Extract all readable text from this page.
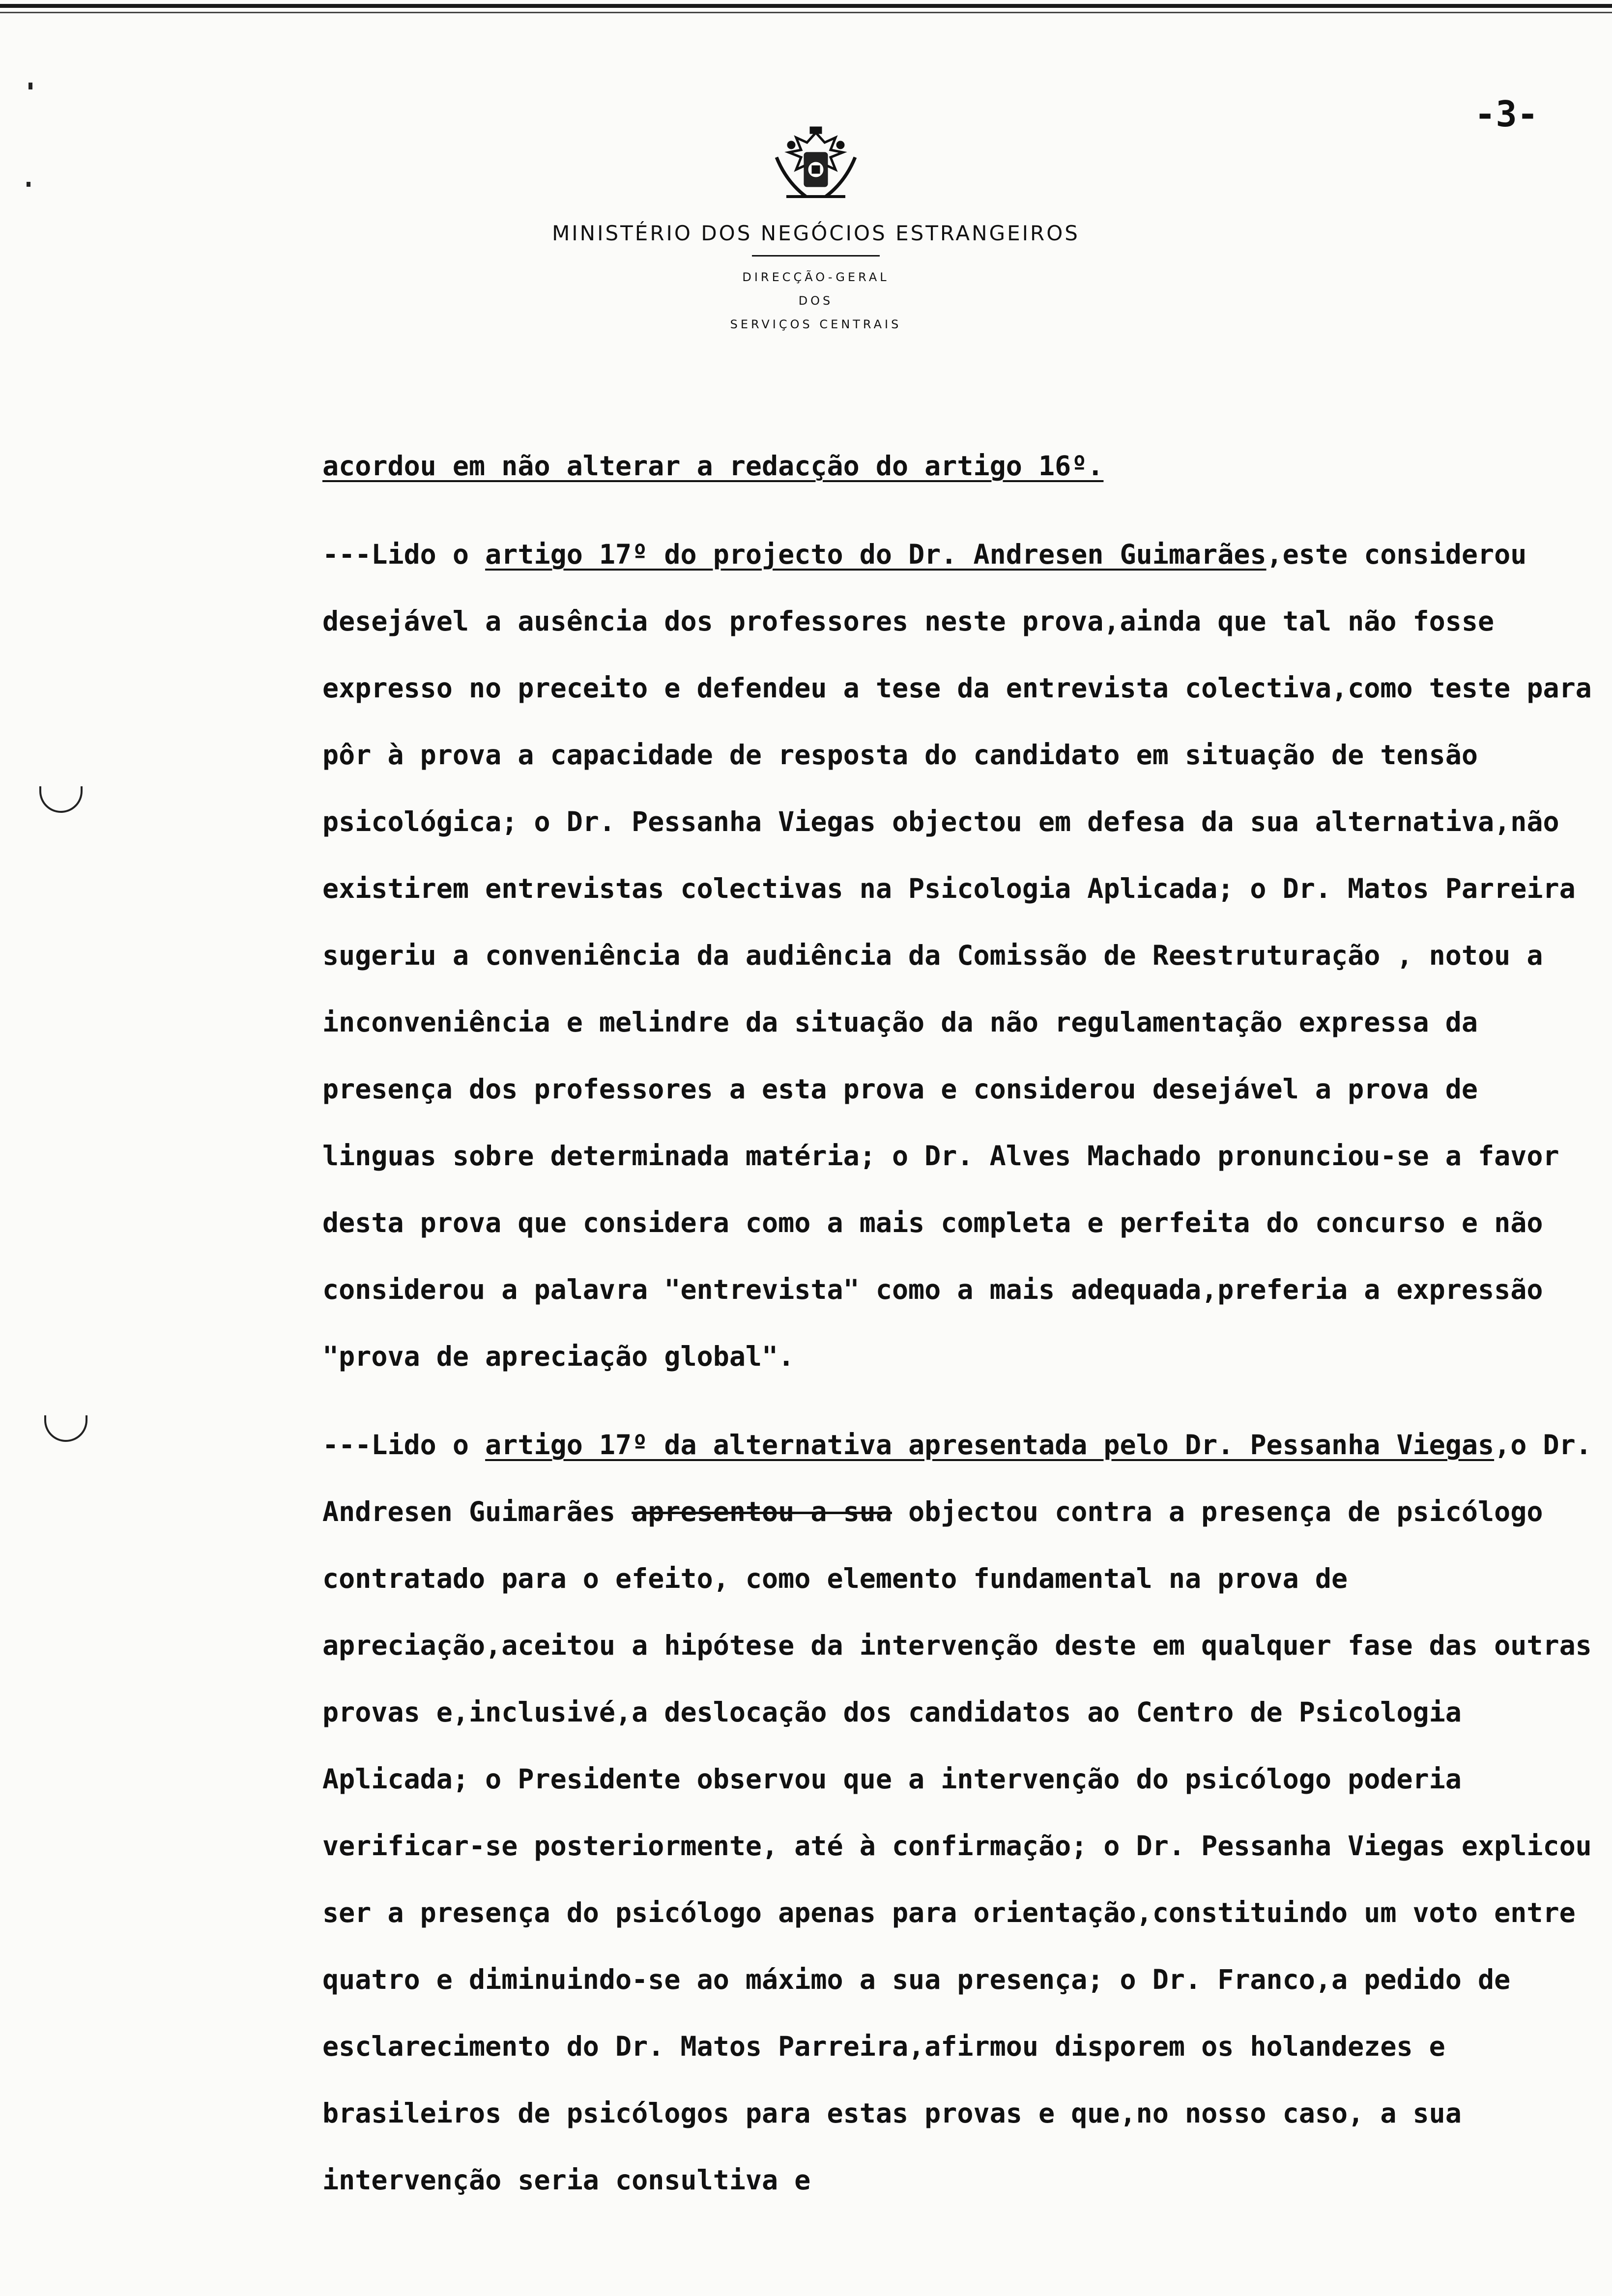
-3-
MINISTÉRIO DOS NEGÓCIOS ESTRANGEIROS
DIRECÇÃO-GERAL
DOS
SERVIÇOS CENTRAIS

acordou em não alterar a redacção do artigo 16º.

---Lido o artigo 17º do projecto do Dr. Andresen Guimarães,este considerou desejável a ausência dos professores neste prova,ainda que tal não fosse expresso no preceito e defendeu a tese da entrevista colectiva,como teste para pôr à prova a capacidade de resposta do candidato em situação de tensão psicológica; o Dr. Pessanha Viegas objectou em defesa da sua alternativa,não existirem entrevistas colectivas na Psicologia Aplicada; o Dr. Matos Parreira sugeriu a conveniência da audiência da Comissão de Reestruturação , notou a inconveniência e melindre da situação da não regulamentação expressa da presença dos professores a esta prova e considerou desejável a prova de linguas sobre determinada matéria; o Dr. Alves Machado pronunciou-se a favor desta prova que considera como a mais completa e perfeita do concurso e não considerou a palavra "entrevista" como a mais adequada,preferia a expressão "prova de apreciação global".

---Lido o artigo 17º da alternativa apresentada pelo Dr. Pessanha Viegas,o Dr. Andresen Guimarães apresentou a sua objectou contra a presença de psicólogo contratado para o efeito, como elemento fundamental na prova de apreciação,aceitou a hipótese da intervenção deste em qualquer fase das outras provas e,inclusivé,a deslocação dos candidatos ao Centro de Psicologia Aplicada; o Presidente observou que a intervenção do psicólogo poderia verificar-se posteriormente, até à confirmação; o Dr. Pessanha Viegas explicou ser a presença do psicólogo apenas para orientação,constituindo um voto entre quatro e diminuindo-se ao máximo a sua presença; o Dr. Franco,a pedido de esclarecimento do Dr. Matos Parreira,afirmou disporem os holandezes e brasileiros de psicólogos para estas provas e que,no nosso caso, a sua intervenção seria consultiva e
